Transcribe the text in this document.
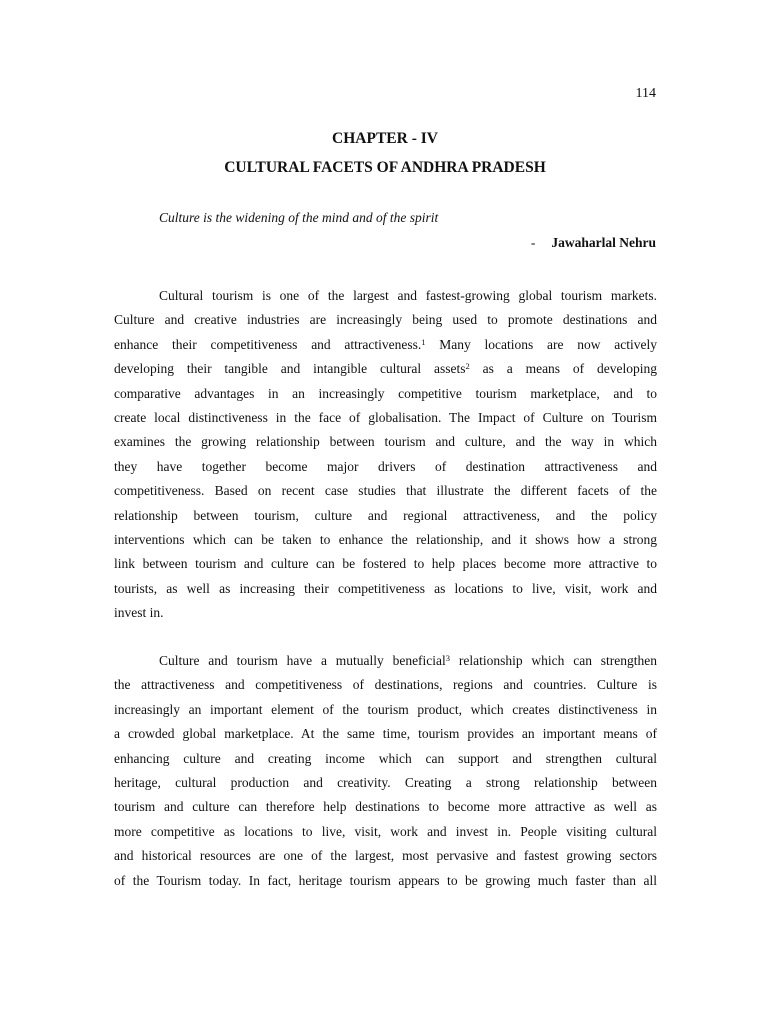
114
CHAPTER - IV
CULTURAL FACETS OF ANDHRA PRADESH
Culture is the widening of the mind and of the spirit
- Jawaharlal Nehru
Cultural tourism is one of the largest and fastest-growing global tourism markets.
Culture and creative industries are increasingly being used to promote destinations and
enhance their competitiveness and attractiveness.$^1$ Many locations are now actively
developing their tangible and intangible cultural assets$^2$ as a means of developing
comparative advantages in an increasingly competitive tourism marketplace, and to
create local distinctiveness in the face of globalisation. The Impact of Culture on Tourism
examines the growing relationship between tourism and culture, and the way in which
they have together become major drivers of destination attractiveness and
competitiveness. Based on recent case studies that illustrate the different facets of the
relationship between tourism, culture and regional attractiveness, and the policy
interventions which can be taken to enhance the relationship, and it shows how a strong
link between tourism and culture can be fostered to help places become more attractive to
tourists, as well as increasing their competitiveness as locations to live, visit, work and
invest in.
Culture and tourism have a mutually beneficial$^3$ relationship which can strengthen
the attractiveness and competitiveness of destinations, regions and countries. Culture is
increasingly an important element of the tourism product, which creates distinctiveness in
a crowded global marketplace. At the same time, tourism provides an important means of
enhancing culture and creating income which can support and strengthen cultural
heritage, cultural production and creativity. Creating a strong relationship between
tourism and culture can therefore help destinations to become more attractive as well as
more competitive as locations to live, visit, work and invest in. People visiting cultural
and historical resources are one of the largest, most pervasive and fastest growing sectors
of the Tourism today. In fact, heritage tourism appears to be growing much faster than all
